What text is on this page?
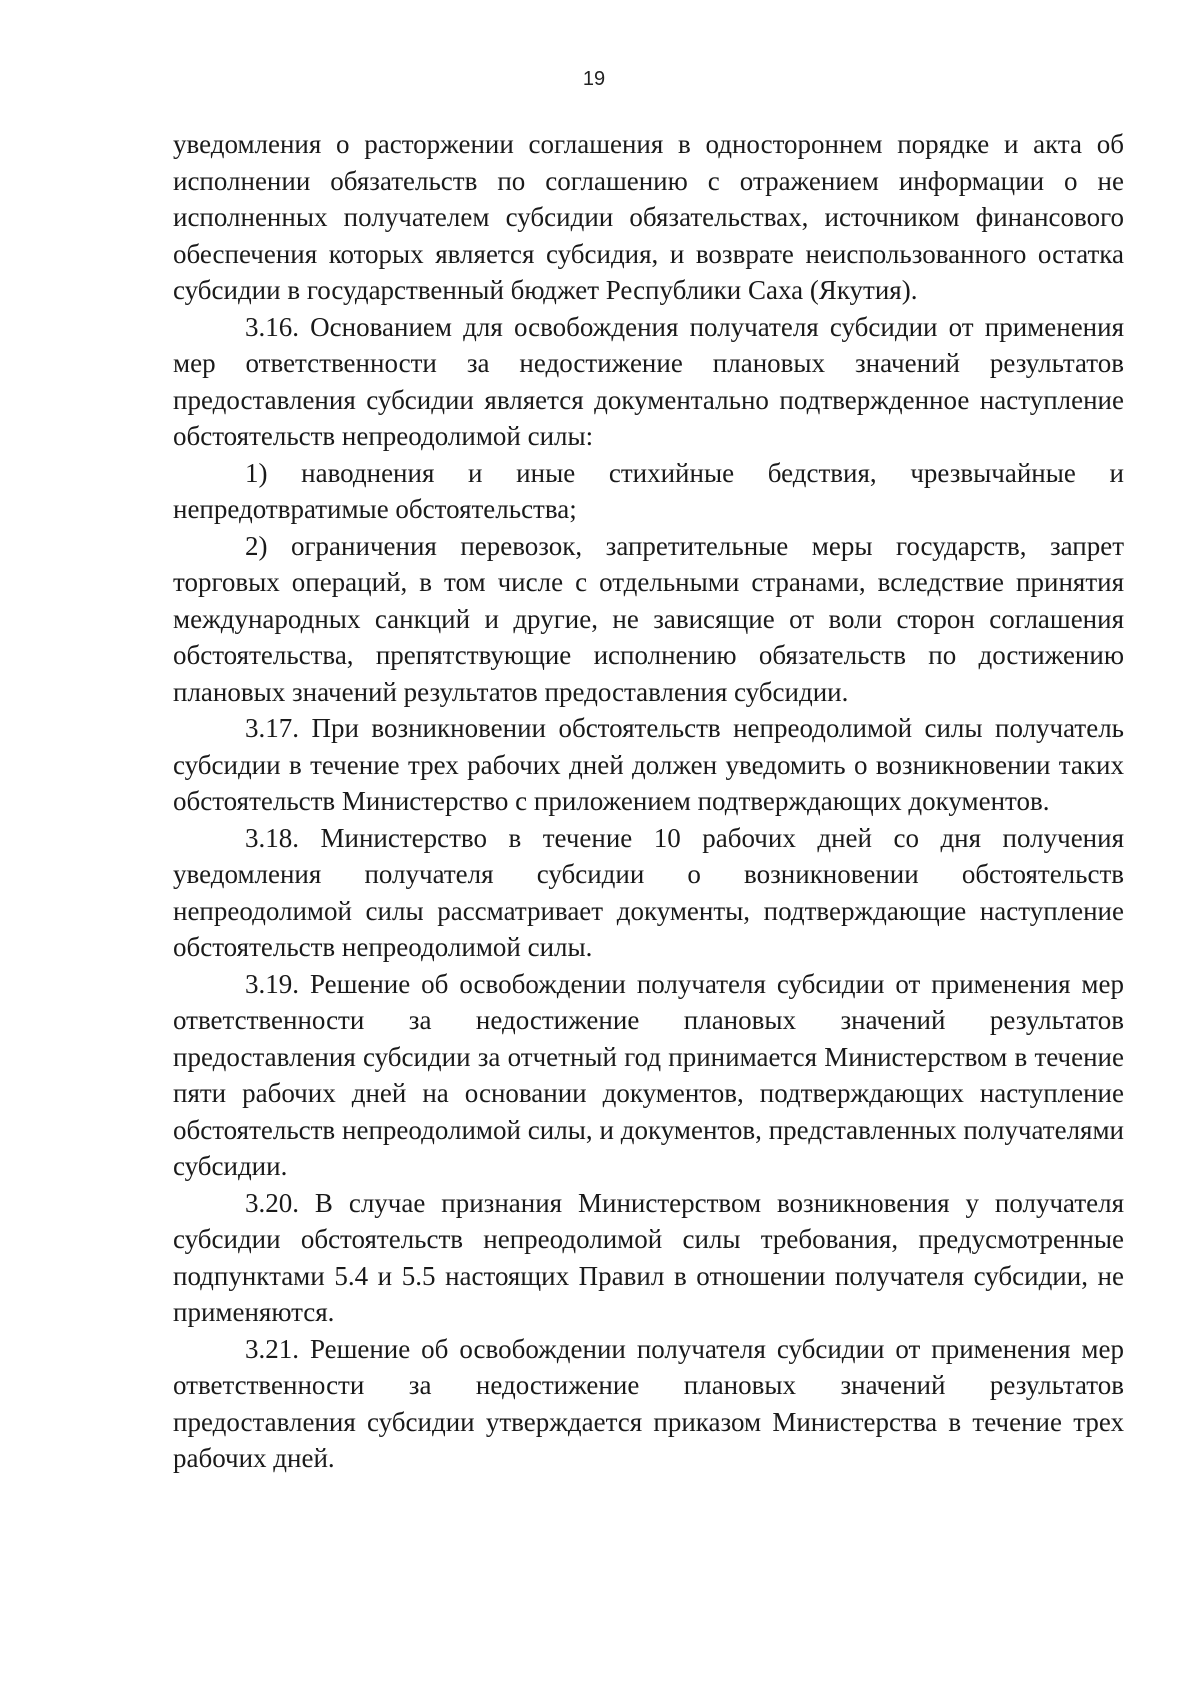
19

уведомления о расторжении соглашения в одностороннем порядке и акта об исполнении обязательств по соглашению с отражением информации о не исполненных получателем субсидии обязательствах, источником финансового обеспечения которых является субсидия, и возврате неиспользованного остатка субсидии в государственный бюджет Республики Саха (Якутия).

3.16. Основанием для освобождения получателя субсидии от применения мер ответственности за недостижение плановых значений результатов предоставления субсидии является документально подтвержденное наступление обстоятельств непреодолимой силы:

1) наводнения и иные стихийные бедствия, чрезвычайные и непредотвратимые обстоятельства;

2) ограничения перевозок, запретительные меры государств, запрет торговых операций, в том числе с отдельными странами, вследствие принятия международных санкций и другие, не зависящие от воли сторон соглашения обстоятельства, препятствующие исполнению обязательств по достижению плановых значений результатов предоставления субсидии.

3.17. При возникновении обстоятельств непреодолимой силы получатель субсидии в течение трех рабочих дней должен уведомить о возникновении таких обстоятельств Министерство с приложением подтверждающих документов.

3.18. Министерство в течение 10 рабочих дней со дня получения уведомления получателя субсидии о возникновении обстоятельств непреодолимой силы рассматривает документы, подтверждающие наступление обстоятельств непреодолимой силы.

3.19. Решение об освобождении получателя субсидии от применения мер ответственности за недостижение плановых значений результатов предоставления субсидии за отчетный год принимается Министерством в течение пяти рабочих дней на основании документов, подтверждающих наступление обстоятельств непреодолимой силы, и документов, представленных получателями субсидии.

3.20. В случае признания Министерством возникновения у получателя субсидии обстоятельств непреодолимой силы требования, предусмотренные подпунктами 5.4 и 5.5 настоящих Правил в отношении получателя субсидии, не применяются.

3.21. Решение об освобождении получателя субсидии от применения мер ответственности за недостижение плановых значений результатов предоставления субсидии утверждается приказом Министерства в течение трех рабочих дней.
